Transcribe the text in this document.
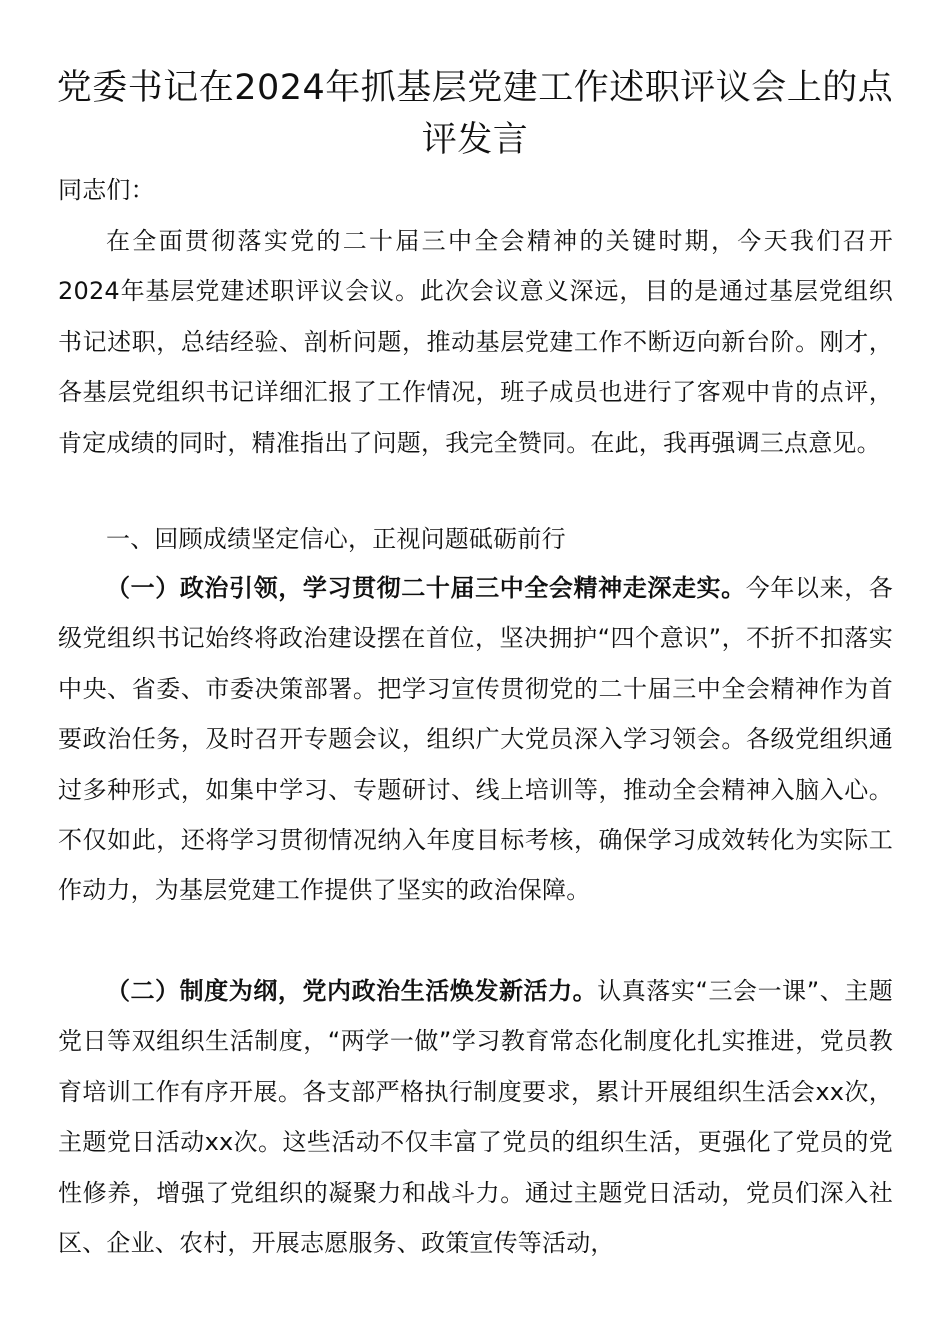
党委书记在2024年抓基层党建工作述职评议会上的点评发言
同志们：
在全面贯彻落实党的二十届三中全会精神的关键时期，今天我们召开2024年基层党建述职评议会议。此次会议意义深远，目的是通过基层党组织书记述职，总结经验、剖析问题，推动基层党建工作不断迈向新台阶。刚才，各基层党组织书记详细汇报了工作情况，班子成员也进行了客观中肯的点评，肯定成绩的同时，精准指出了问题，我完全赞同。在此，我再强调三点意见。
一、回顾成绩坚定信心，正视问题砥砺前行
（一）政治引领，学习贯彻二十届三中全会精神走深走实。今年以来，各级党组织书记始终将政治建设摆在首位，坚决拥护“四个意识”，不折不扣落实中央、省委、市委决策部署。把学习宣传贯彻党的二十届三中全会精神作为首要政治任务，及时召开专题会议，组织广大党员深入学习领会。各级党组织通过多种形式，如集中学习、专题研讨、线上培训等，推动全会精神入脑入心。不仅如此，还将学习贯彻情况纳入年度目标考核，确保学习成效转化为实际工作动力，为基层党建工作提供了坚实的政治保障。
（二）制度为纲，党内政治生活焕发新活力。认真落实“三会一课”、主题党日等双组织生活制度，“两学一做”学习教育常态化制度化扎实推进，党员教育培训工作有序开展。各支部严格执行制度要求，累计开展组织生活会xx次，主题党日活动xx次。这些活动不仅丰富了党员的组织生活，更强化了党员的党性修养，增强了党组织的凝聚力和战斗力。通过主题党日活动，党员们深入社区、企业、农村，开展志愿服务、政策宣传等活动，
